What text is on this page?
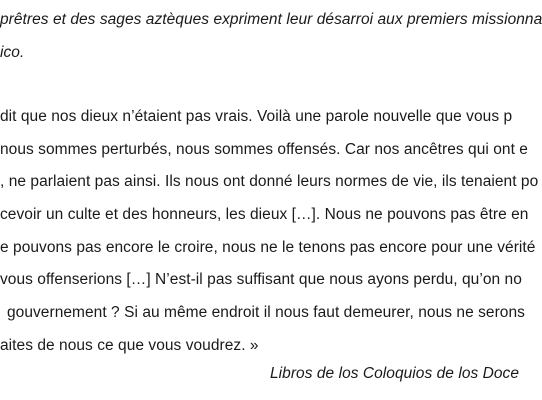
prêtres et des sages aztèques expriment leur désarroi aux premiers missionna
ico.
dit que nos dieux n’étaient pas vrais. Voilà une parole nouvelle que vous p
nous sommes perturbés, nous sommes offensés. Car nos ancêtres qui ont e
, ne parlaient pas ainsi. Ils nous ont donné leurs normes de vie, ils tenaient po
cevoir un culte et des honneurs, les dieux […]. Nous ne pouvons pas être en
e pouvons pas encore le croire, nous ne le tenons pas encore pour une vérité
vous offenserions […] N’est-il pas suffisant que nous ayons perdu, qu’on no
gouvernement ? Si au même endroit il nous faut demeurer, nous ne serons
aites de nous ce que vous voudrez. »
Libros de los Coloquios de los Doce
